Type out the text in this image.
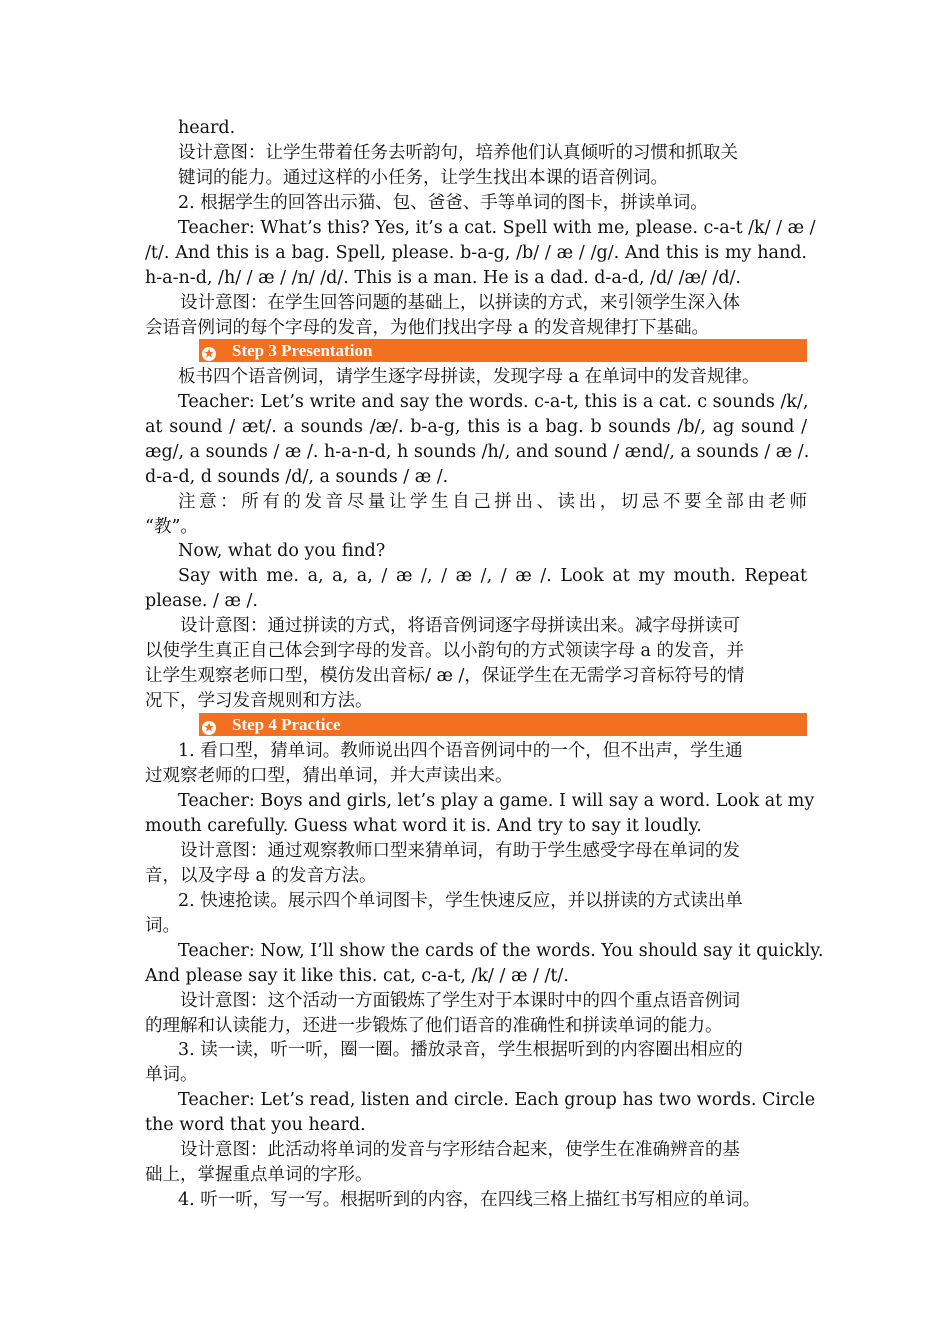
heard.
设计意图：让学生带着任务去听韵句，培养他们认真倾听的习惯和抓取关
键词的能力。通过这样的小任务，让学生找出本课的语音例词。
2. 根据学生的回答出示猫、包、爸爸、手等单词的图卡，拼读单词。
Teacher: What’s this? Yes, it’s a cat. Spell with me, please. c-a-t /k/ / æ /
/t/. And this is a bag. Spell, please. b-a-g, /b/ / æ / /g/. And this is my hand.
h-a-n-d, /h/ / æ / /n/ /d/. This is a man. He is a dad. d-a-d, /d/ /æ/ /d/.
设计意图：在学生回答问题的基础上，以拼读的方式，来引领学生深入体
会语音例词的每个字母的发音，为他们找出字母 a 的发音规律打下基础。
★ Step 3 Presentation
板书四个语音例词，请学生逐字母拼读，发现字母 a 在单词中的发音规律。
Teacher: Let’s write and say the words. c-a-t, this is a cat. c sounds /k/,
at sound / æt/. a sounds /æ/. b-a-g, this is a bag. b sounds /b/, ag sound /
æg/, a sounds / æ /. h-a-n-d, h sounds /h/, and sound / ænd/, a sounds / æ /.
d-a-d, d sounds /d/, a sounds / æ /.
注意：所有的发音尽量让学生自己拼出、读出，切忌不要全部由老师
“教”。
Now, what do you find?
Say with me. a, a, a, / æ /, / æ /, / æ /. Look at my mouth. Repeat
please. / æ /.
设计意图：通过拼读的方式，将语音例词逐字母拼读出来。减字母拼读可
以使学生真正自己体会到字母的发音。以小韵句的方式领读字母 a 的发音，并
让学生观察老师口型，模仿发出音标/ æ /，保证学生在无需学习音标符号的情
况下，学习发音规则和方法。
★ Step 4 Practice
1. 看口型，猜单词。教师说出四个语音例词中的一个，但不出声，学生通
过观察老师的口型，猜出单词，并大声读出来。
Teacher: Boys and girls, let’s play a game. I will say a word. Look at my
mouth carefully. Guess what word it is. And try to say it loudly.
设计意图：通过观察教师口型来猜单词，有助于学生感受字母在单词的发
音，以及字母 a 的发音方法。
2. 快速抢读。展示四个单词图卡，学生快速反应，并以拼读的方式读出单
词。
Teacher: Now, I’ll show the cards of the words. You should say it quickly.
And please say it like this. cat, c-a-t, /k/ / æ / /t/.
设计意图：这个活动一方面锻炼了学生对于本课时中的四个重点语音例词
的理解和认读能力，还进一步锻炼了他们语音的准确性和拼读单词的能力。
3. 读一读，听一听，圈一圈。播放录音，学生根据听到的内容圈出相应的
单词。
Teacher: Let’s read, listen and circle. Each group has two words. Circle
the word that you heard.
设计意图：此活动将单词的发音与字形结合起来，使学生在准确辨音的基
础上，掌握重点单词的字形。
4. 听一听，写一写。根据听到的内容，在四线三格上描红书写相应的单词。
